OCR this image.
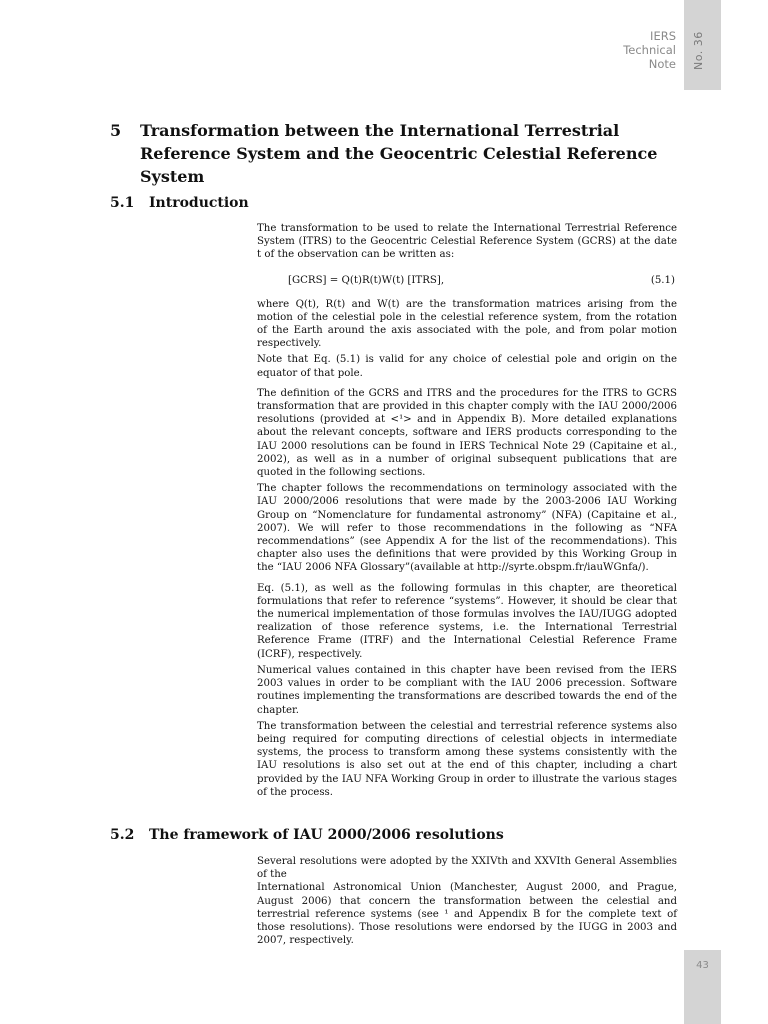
No. 36
43
IERS
Technical
Note
5 Transformation between the International Terrestrial Reference System and the Geocentric Celestial Reference System
5.1 Introduction

The transformation to be used to relate the International Terrestrial Reference System (ITRS) to the Geocentric Celestial Reference System (GCRS) at the date t of the observation can be written as:

[GCRS] = Q(t)R(t)W(t) [ITRS],	(5.1)

where Q(t), R(t) and W(t) are the transformation matrices arising from the motion of the celestial pole in the celestial reference system, from the rotation of the Earth around the axis associated with the pole, and from polar motion respectively.

Note that Eq. (5.1) is valid for any choice of celestial pole and origin on the equator of that pole.

The definition of the GCRS and ITRS and the procedures for the ITRS to GCRS transformation that are provided in this chapter comply with the IAU 2000/2006 resolutions (provided at <¹> and in Appendix B). More detailed explanations about the relevant concepts, software and IERS products corresponding to the IAU 2000 resolutions can be found in IERS Technical Note 29 (Capitaine et al., 2002), as well as in a number of original subsequent publications that are quoted in the following sections.

The chapter follows the recommendations on terminology associated with the IAU 2000/2006 resolutions that were made by the 2003-2006 IAU Working Group on “Nomenclature for fundamental astronomy” (NFA) (Capitaine et al., 2007). We will refer to those recommendations in the following as “NFA recommendations” (see Appendix A for the list of the recommendations). This chapter also uses the definitions that were provided by this Working Group in the “IAU 2006 NFA Glossary”(available at http://syrte.obspm.fr/iauWGnfa/).

Eq. (5.1), as well as the following formulas in this chapter, are theoretical formulations that refer to reference “systems”. However, it should be clear that the numerical implementation of those formulas involves the IAU/IUGG adopted realization of those reference systems, i.e. the International Terrestrial Reference Frame (ITRF) and the International Celestial Reference Frame (ICRF), respectively.

Numerical values contained in this chapter have been revised from the IERS 2003 values in order to be compliant with the IAU 2006 precession. Software routines implementing the transformations are described towards the end of the chapter.

The transformation between the celestial and terrestrial reference systems also being required for computing directions of celestial objects in intermediate systems, the process to transform among these systems consistently with the IAU resolutions is also set out at the end of this chapter, including a chart provided by the IAU NFA Working Group in order to illustrate the various stages of the process.

5.2 The framework of IAU 2000/2006 resolutions

Several resolutions were adopted by the XXIVth and XXVIth General Assemblies of the

International Astronomical Union (Manchester, August 2000, and Prague, August 2006) that concern the transformation between the celestial and terrestrial reference systems (see ¹ and Appendix B for the complete text of those resolutions). Those resolutions were endorsed by the IUGG in 2003 and 2007, respectively.
